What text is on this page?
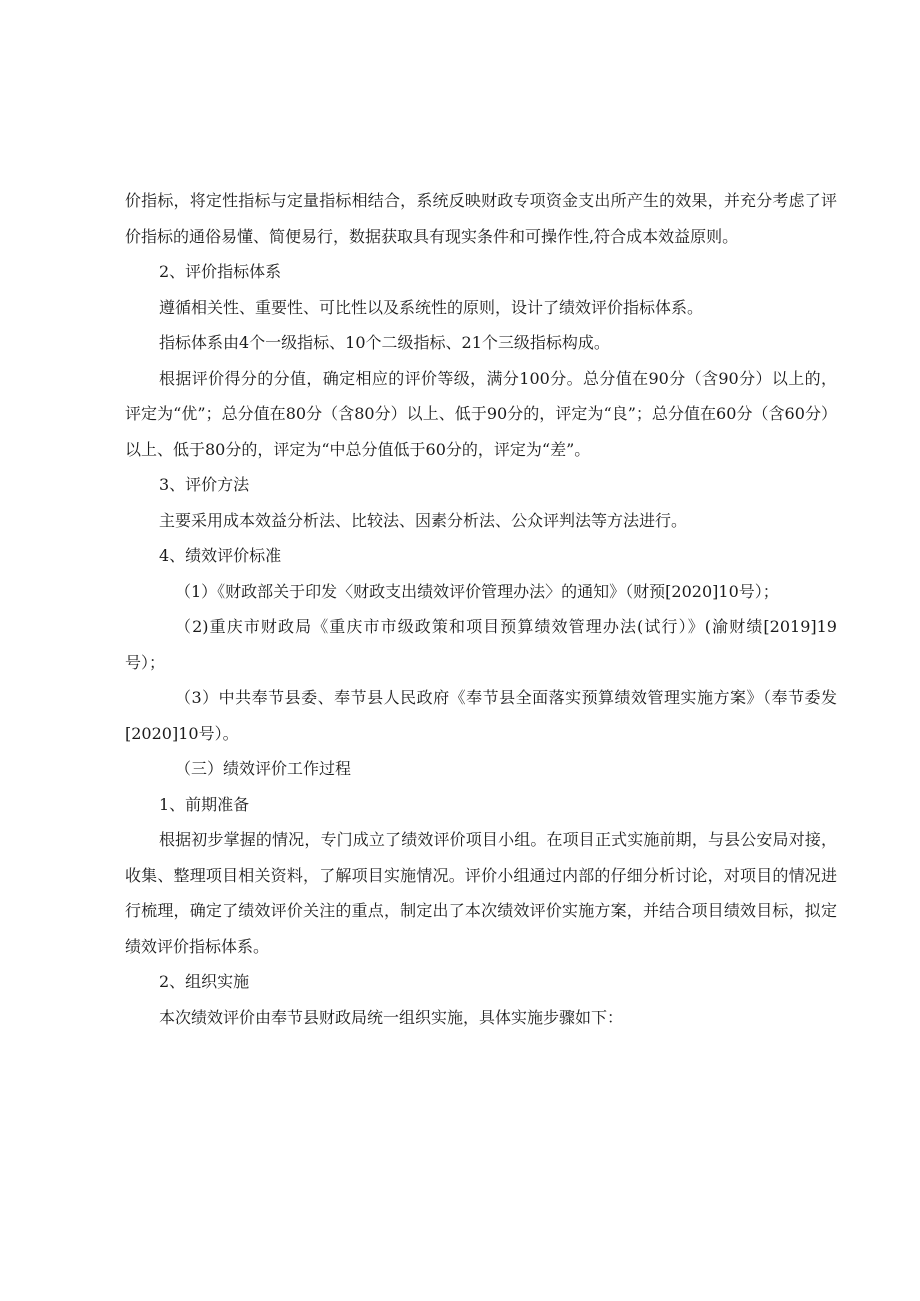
价指标，将定性指标与定量指标相结合，系统反映财政专项资金支出所产生的效果，并充分考虑了评价指标的通俗易懂、简便易行，数据获取具有现实条件和可操作性,符合成本效益原则。

2、评价指标体系

遵循相关性、重要性、可比性以及系统性的原则，设计了绩效评价指标体系。

指标体系由4个一级指标、10个二级指标、21个三级指标构成。

根据评价得分的分值，确定相应的评价等级，满分100分。总分值在90分（含90分）以上的，评定为“优”；总分值在80分（含80分）以上、低于90分的，评定为“良”；总分值在60分（含60分）以上、低于80分的，评定为“中总分值低于60分的，评定为“差”。

3、评价方法

主要采用成本效益分析法、比较法、因素分析法、公众评判法等方法进行。

4、绩效评价标准

（1）《财政部关于印发〈财政支出绩效评价管理办法〉的通知》（财预[2020]10号）；

（2)重庆市财政局《重庆市市级政策和项目预算绩效管理办法(试行）》(渝财绩[2019]19号）；

（3）中共奉节县委、奉节县人民政府《奉节县全面落实预算绩效管理实施方案》（奉节委发[2020]10号）。

（三）绩效评价工作过程

1、前期准备

根据初步掌握的情况，专门成立了绩效评价项目小组。在项目正式实施前期，与县公安局对接，收集、整理项目相关资料，了解项目实施情况。评价小组通过内部的仔细分析讨论，对项目的情况进行梳理，确定了绩效评价关注的重点，制定出了本次绩效评价实施方案，并结合项目绩效目标，拟定绩效评价指标体系。

2、组织实施

本次绩效评价由奉节县财政局统一组织实施，具体实施步骤如下：
